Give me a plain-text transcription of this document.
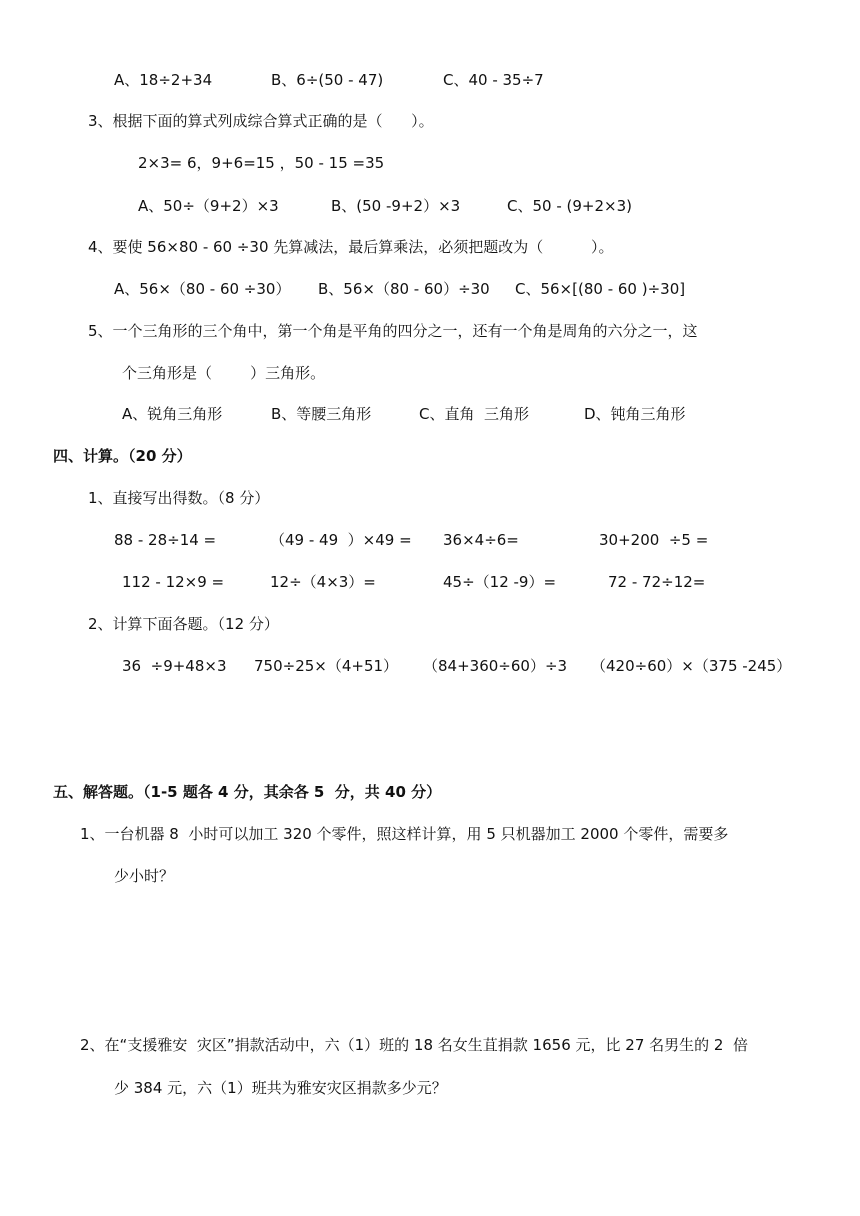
A、18÷2+34	B、6÷(50 - 47)	C、40 - 35÷7
3、根据下面的算式列成综合算式正确的是（      ）。
2×3= 6，9+6=15 ，50 - 15 =35
A、50÷（9+2）×3	B、(50 -9+2）×3	C、50 - (9+2×3)
4、要使 56×80 - 60 ÷30 先算减法，最后算乘法，必须把题改为（          ）。
A、56×（80 - 60 ÷30） B、56×（80 - 60）÷30 C、56×[(80 - 60 )÷30]
5、一个三角形的三个角中，第一个角是平角的四分之一，还有一个角是周角的六分之一，这
个三角形是（        ）三角形。
A、锐角三角形	B、等腰三角形	C、直角  三角形	D、钝角三角形
四、计算。（20 分）
1、直接写出得数。（8 分）
88 - 28÷14 =	（49 - 49  ）×49 = 36×4÷6=	30+200  ÷5 =
112 - 12×9 =	12÷（4×3）=	45÷（12 -9）=	72 - 72÷12=
2、计算下面各题。（12 分）
36  ÷9+48×3 750÷25×（4+51） （84+360÷60）÷3 （420÷60）×（375 -245）
五、解答题。（1-5 题各 4 分，其余各 5  分，共 40 分）
1、一台机器 8  小时可以加工 320 个零件，照这样计算，用 5 只机器加工 2000 个零件，需要多
少小时？
2、在“支援雅安  灾区”捐款活动中，六（1）班的 18 名女生苴捐款 1656 元，比 27 名男生的 2  倍
少 384 元，六（1）班共为雅安灾区捐款多少元？
